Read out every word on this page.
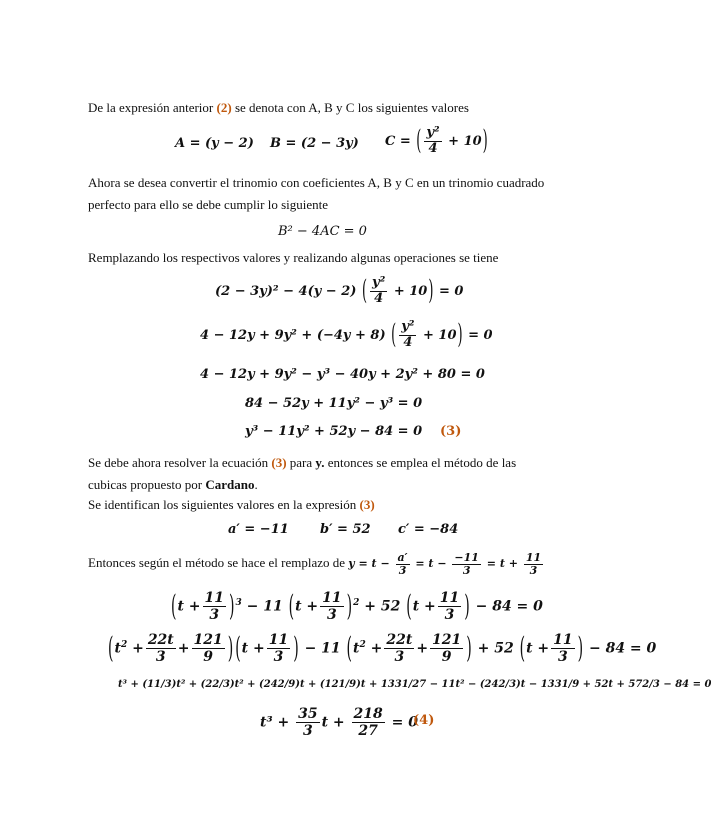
De la expresión anterior (2) se denota con A, B y C los siguientes valores
A = (y − 2) B = (2 − 3y) C = ( $\frac{\text{y²}}{4} + 10$)
Ahora se desea convertir el trinomio con coeficientes A, B y C en un trinomio cuadrado perfecto para ello se debe cumplir lo siguiente
B² − 4AC = 0
Remplazando los respectivos valores y realizando algunas operaciones se tiene
(2 − 3y)² − 4(y − 2) ( $\frac{\text{y²}}{4} + 10) = 0$
4 − 12y + 9y² + (−4y + 8) ( $\frac{\text{y²}}{4} + 10) = 0$
4 − 12y + 9y² − y³ − 40y + 2y² + 80 = 0
84 − 52y + 11y² − y³ = 0
y³ − 11y² + 52y − 84 = 0 (3)
Se debe ahora resolver la ecuación (3) para y. entonces se emplea el método de las cubicas propuesto por Cardano.
Se identifican los siguientes valores en la expresión (3)
a′ = −11 b′ = 52 c′ = −84
Entonces según el método se hace el remplazo de $y = t - \frac{a'}{3} = t - \frac{-11}{3} = t + \frac{11}{3}$
$(t + \frac{11}{3} )^3 - 11$ $(t + \frac{11}{3} )^2 + 52$ ($t + \frac{11}{3}$ ) − 84 = 0
($t^2 + \frac{22t}{3} + \frac{121}{9}$ ) ($t + \frac{11}{3}$ ) − 11 ($t^2 + \frac{22t}{3} + \frac{121}{9}$ ) + 52 ($t + \frac{11}{3}$ ) − 84 = 0
t³ + (11/3)t² + (22/3)t² + (242/9)t + (121/9)t + 1331/27 − 11t² − (242/3)t − 1331/9 + 52t + 572/3 − 84 = 0
$t^3 + \frac{35}{3}$ $t + \frac{218}{27} = 0$
(4)
